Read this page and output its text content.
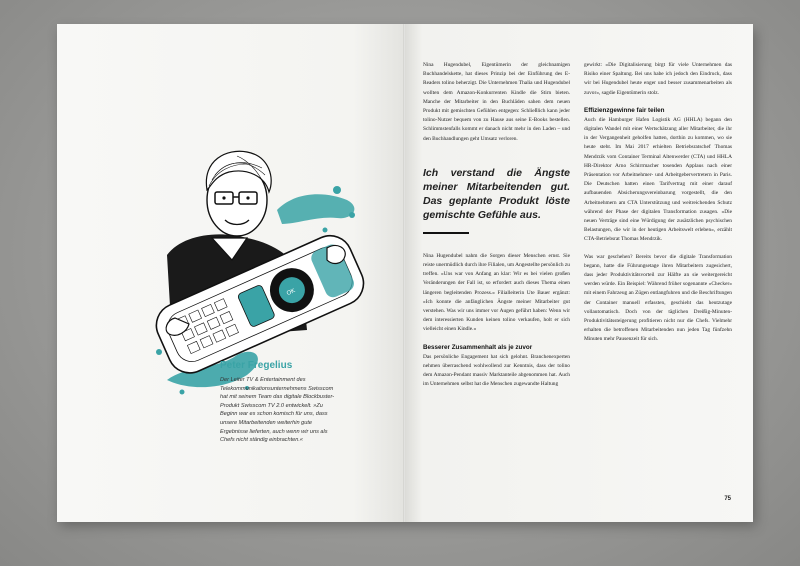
OK
Peter Fregelius
Der Leiter TV & Entertainment des Telekommunikationsunternehmens Swisscom hat mit seinem Team das digitale Blockbuster-Produkt Swisscom TV 2.0 entwickelt. »Zu Beginn war es schon komisch für uns, dass unsere Mitarbeitenden weiterhin gute Ergebnisse lieferten, auch wenn wir uns als Chefs nicht ständig einbrachten.«

Nina Hugendubel, Eigentümerin der gleichnamigen Buchhandelskette, hat dieses Prinzip bei der Einführung des E-Readers tolino beherzigt. Die Unternehmen Thalia und Hugendubel wollten dem Amazon-Konkurrenten Kindle die Stirn bieten. Manche der Mitarbeiter in den Buchläden sahen dem neuen Produkt mit gemischten Gefühlen entgegen: Schließlich kann jeder tolino-Nutzer bequem von zu Hause aus seine E-Books bestellen. Schlimmstenfalls kommt er danach nicht mehr in den Laden – und den Buchhandlungen geht Umsatz verloren.

Ich verstand die Ängste meiner Mitarbeitenden gut. Das geplante Produkt löste gemischte Gefühle aus.

Nina Hugendubel nahm die Sorgen dieser Menschen ernst. Sie reiste unermüdlich durch ihre Filialen, um Angestellte persönlich zu treffen. »Uns war von Anfang an klar: Wir es bei vielen großen Veränderungen der Fall ist, so erfordert auch dieses Thema einen längeren begleitenden Prozess.« Filialleiterin Ute Bauer ergänzt: »Ich konnte die anfänglichen Ängste meiner Mitarbeiter gut verstehen. Was wir uns immer vor Augen geführt haben: Wenn wir dem interessierten Kunden keinen tolino verkaufen, holt er sich vielleicht einen Kindle.«

Besserer Zusammenhalt als je zuvor

Das persönliche Engagement hat sich gelohnt. Branchenexperten nehmen überraschend wohlwollend zur Kenntnis, dass der tolino dem Amazon-Pendant massiv Marktanteile abgenommen hat. Auch im Unternehmen selbst hat die Menschen zugewandte Haltung

gewirkt: »Die Digitalisierung birgt für viele Unternehmen das Risiko einer Spaltung. Bei uns habe ich jedoch den Eindruck, dass wir bei Hugendubel heute enger und besser zusammenarbeiten als zuvor«, sagdie Eigentümerin stolz.

Effizienzgewinne fair teilen

Auch die Hamburger Hafen Logistik AG (HHLA) begann den digitalen Wandel mit einer Wertschätzung aller Mitarbeiter, die ihr in der Vergangenheit geholfen hatten, dorthin zu kommen, wo sie heute steht. Im Mai 2017 erhielten Betriebsratschef Thomas Mendrzik vom Container Terminal Altenwerder (CTA) und HHLA HR-Direktor Arno Schirrmacher tosenden Applaus nach einer Präsentation vor Arbeitnehmer- und Arbeitgebervertretern in Paris. Die Deutschen hatten einen Tarifvertrag mit einer darauf aufbauenden Absicherungsvereinbarung vorgestellt, die den Arbeitnehmern am CTA Unterstützung und weitreichenden Schutz während der Phase der digitalen Transformation zusagen. »Die neuen Verträge sind eine Würdigung der zusätzlichen psychischen Belastungen, die wir in der heutigen Arbeitswelt erleben«, erzählt CTA-Betriebsrat Thomas Mendrzik.

Was war geschehen? Bereits bevor die digitale Transformation begann, hatte die Führungsetage ihren Mitarbeitern zugesichert, dass jeder Produktivitätsvorteil zur Hälfte an sie weitergereicht werden würde. Ein Beispiel: Während früher sogenannte »Checker« mit einem Fahrzeug an Zügen entlangfuhren und die Beschriftungen der Container manuell erfassten, geschieht das heutzutage vollautomatisch. Doch von der täglichen Dreißig-Minuten-Produktivitätssteigerung profitieren nicht nur die Chefs. Vielmehr erhalten die betroffenen Mitarbeitenden nun jeden Tag fünfzehn Minuten mehr Pausenzeit für sich.

75
